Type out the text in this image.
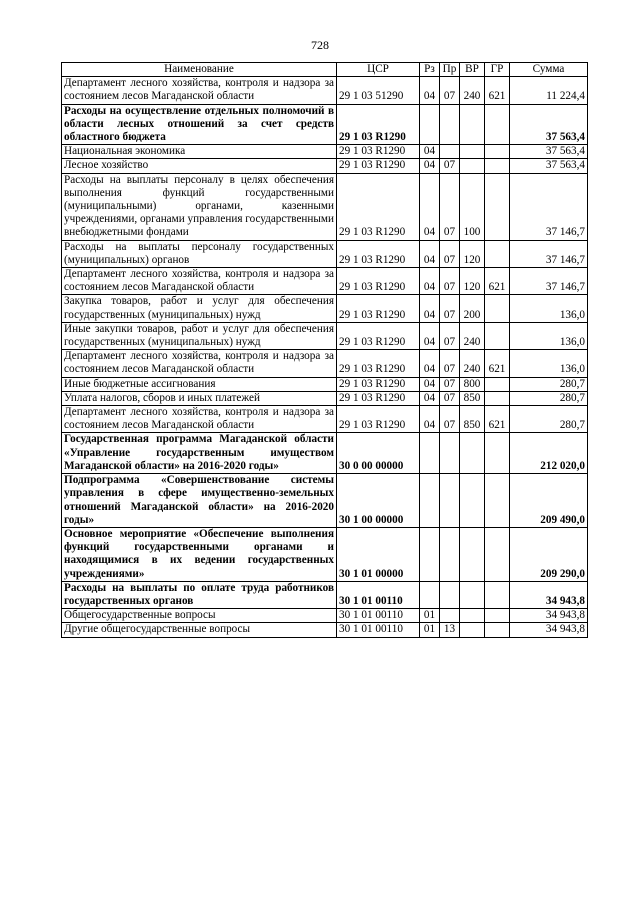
728
Наименование	ЦСР	Рз	Пр	ВР	ГР	Сумма
Департамент лесного хозяйства, контроля и надзора за состоянием лесов Магаданской области	29 1 03 51290	04	07	240	621	11 224,4
Расходы на осуществление отдельных полномочий в области лесных отношений за счет средств областного бюджета	29 1 03 R1290					37 563,4
Национальная экономика	29 1 03 R1290	04				37 563,4
Лесное хозяйство	29 1 03 R1290	04	07			37 563,4
Расходы на выплаты персоналу в целях обеспечения выполнения функций государственными (муниципальными) органами, казенными учреждениями, органами управления государственными внебюджетными фондами	29 1 03 R1290	04	07	100		37 146,7
Расходы на выплаты персоналу государственных (муниципальных) органов	29 1 03 R1290	04	07	120		37 146,7
Департамент лесного хозяйства, контроля и надзора за состоянием лесов Магаданской области	29 1 03 R1290	04	07	120	621	37 146,7
Закупка товаров, работ и услуг для обеспечения государственных (муниципальных) нужд	29 1 03 R1290	04	07	200		136,0
Иные закупки товаров, работ и услуг для обеспечения государственных (муниципальных) нужд	29 1 03 R1290	04	07	240		136,0
Департамент лесного хозяйства, контроля и надзора за состоянием лесов Магаданской области	29 1 03 R1290	04	07	240	621	136,0
Иные бюджетные ассигнования	29 1 03 R1290	04	07	800		280,7
Уплата налогов, сборов и иных платежей	29 1 03 R1290	04	07	850		280,7
Департамент лесного хозяйства, контроля и надзора за состоянием лесов Магаданской области	29 1 03 R1290	04	07	850	621	280,7
Государственная программа Магаданской области «Управление государственным имуществом Магаданской области» на 2016-2020 годы»	30 0 00 00000					212 020,0
Подпрограмма «Совершенствование системы управления в сфере имущественно-земельных отношений Магаданской области» на 2016-2020 годы»	30 1 00 00000					209 490,0
Основное мероприятие «Обеспечение выполнения функций государственными органами и находящимися в их ведении государственных учреждениями»	30 1 01 00000					209 290,0
Расходы на выплаты по оплате труда работников государственных органов	30 1 01 00110					34 943,8
Общегосударственные вопросы	30 1 01 00110	01				34 943,8
Другие общегосударственные вопросы	30 1 01 00110	01	13			34 943,8
